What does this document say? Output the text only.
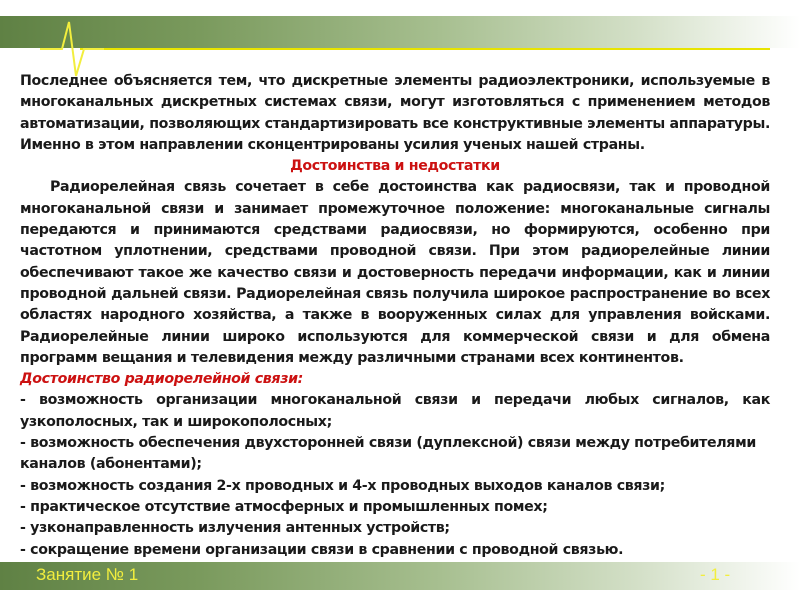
Последнее объясняется тем, что дискретные элементы радиоэлектроники, используемые в многоканальных дискретных системах связи, могут изготовляться с применением методов автоматизации, позволяющих стандартизировать все конструктивные элементы аппаратуры. Именно в этом направлении сконцентрированы усилия ученых нашей страны.

Достоинства и недостатки

Радиорелейная связь сочетает в себе достоинства как радиосвязи, так и проводной многоканальной связи и занимает промежуточное положение: многоканальные сигналы передаются и принимаются средствами радиосвязи, но формируются, особенно при частотном уплотнении, средствами проводной связи. При этом радиорелейные линии обеспечивают такое же качество связи и достоверность передачи информации, как и линии проводной дальней связи. Радиорелейная связь получила широкое распространение во всех областях народного хозяйства, а также в вооруженных силах для управления войсками. Радиорелейные линии широко используются для коммерческой связи и для обмена программ вещания и телевидения между различными странами всех континентов.

Достоинство радиорелейной связи:

- возможность организации многоканальной связи и передачи любых сигналов, как узкополосных, так и широкополосных;

- возможность обеспечения двухсторонней связи (дуплексной) связи между потребителями каналов (абонентами);

- возможность создания 2-х проводных и 4-х проводных выходов каналов связи;

- практическое отсутствие атмосферных и промышленных помех;

- узконаправленность излучения антенных устройств;

- сокращение времени организации связи в сравнении с проводной связью.

Занятие № 1	- 1 -
